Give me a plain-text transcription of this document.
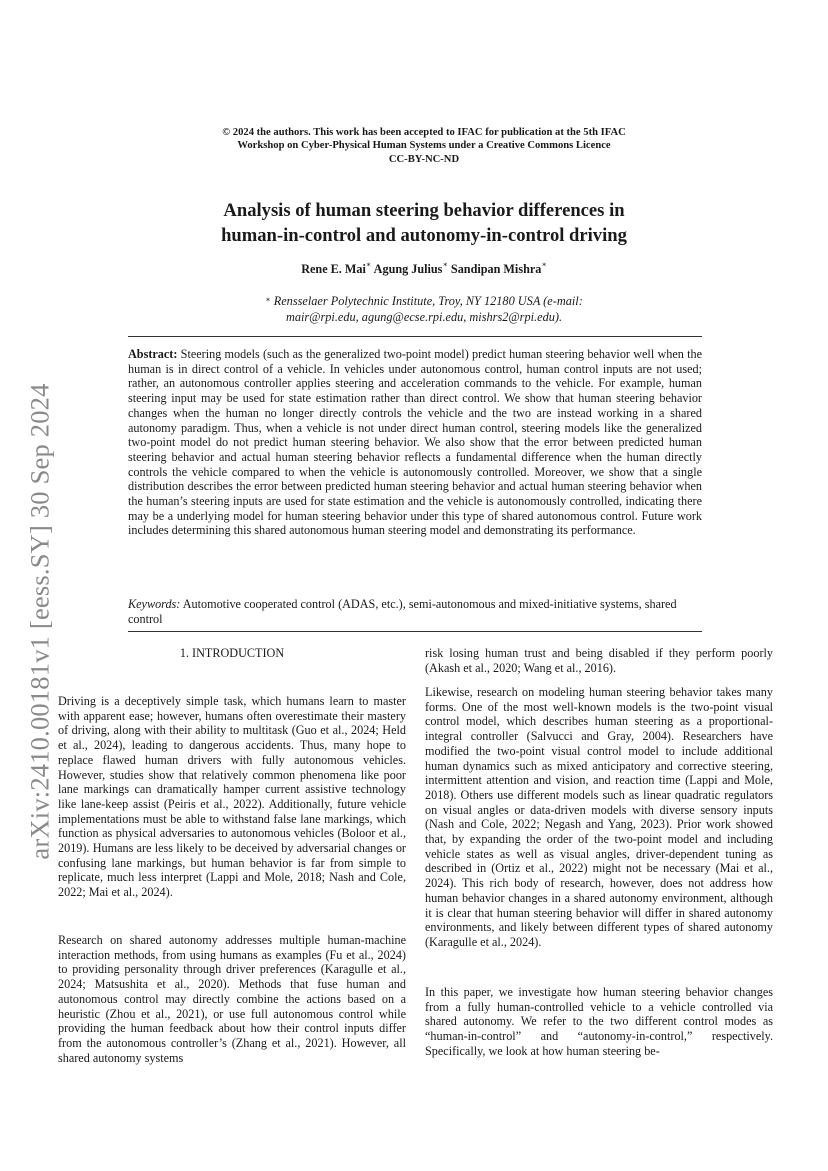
arXiv:2410.00181v1 [eess.SY] 30 Sep 2024
© 2024 the authors. This work has been accepted to IFAC for publication at the 5th IFAC
Workshop on Cyber-Physical Human Systems under a Creative Commons Licence
CC-BY-NC-ND
Analysis of human steering behavior differences in
human-in-control and autonomy-in-control driving
Rene E. Mai∗ Agung Julius∗ Sandipan Mishra∗
∗ Rensselaer Polytechnic Institute, Troy, NY 12180 USA (e-mail:
mair@rpi.edu, agung@ecse.rpi.edu, mishrs2@rpi.edu).
Abstract: Steering models (such as the generalized two-point model) predict human steering behavior well when the human is in direct control of a vehicle. In vehicles under autonomous control, human control inputs are not used; rather, an autonomous controller applies steering and acceleration commands to the vehicle. For example, human steering input may be used for state estimation rather than direct control. We show that human steering behavior changes when the human no longer directly controls the vehicle and the two are instead working in a shared autonomy paradigm. Thus, when a vehicle is not under direct human control, steering models like the generalized two-point model do not predict human steering behavior. We also show that the error between predicted human steering behavior and actual human steering behavior reflects a fundamental difference when the human directly controls the vehicle compared to when the vehicle is autonomously controlled. Moreover, we show that a single distribution describes the error between predicted human steering behavior and actual human steering behavior when the human’s steering inputs are used for state estimation and the vehicle is autonomously controlled, indicating there may be a underlying model for human steering behavior under this type of shared autonomous control. Future work includes determining this shared autonomous human steering model and demonstrating its performance.
Keywords: Automotive cooperated control (ADAS, etc.), semi-autonomous and mixed-initiative systems, shared control
1. INTRODUCTION

Driving is a deceptively simple task, which humans learn to master with apparent ease; however, humans often overestimate their mastery of driving, along with their ability to multitask (Guo et al., 2024; Held et al., 2024), leading to dangerous accidents. Thus, many hope to replace flawed human drivers with fully autonomous vehicles. However, studies show that relatively common phenomena like poor lane markings can dramatically hamper current assistive technology like lane-keep assist (Peiris et al., 2022). Additionally, future vehicle implementations must be able to withstand false lane markings, which function as physical adversaries to autonomous vehicles (Boloor et al., 2019). Humans are less likely to be deceived by adversarial changes or confusing lane markings, but human behavior is far from simple to replicate, much less interpret (Lappi and Mole, 2018; Nash and Cole, 2022; Mai et al., 2024).

Research on shared autonomy addresses multiple human-machine interaction methods, from using humans as examples (Fu et al., 2024) to providing personality through driver preferences (Karagulle et al., 2024; Matsushita et al., 2020). Methods that fuse human and autonomous control may directly combine the actions based on a heuristic (Zhou et al., 2021), or use full autonomous control while providing the human feedback about how their control inputs differ from the autonomous controller’s (Zhang et al., 2021). However, all shared autonomy systems

risk losing human trust and being disabled if they perform poorly (Akash et al., 2020; Wang et al., 2016).

Likewise, research on modeling human steering behavior takes many forms. One of the most well-known models is the two-point visual control model, which describes human steering as a proportional-integral controller (Salvucci and Gray, 2004). Researchers have modified the two-point visual control model to include additional human dynamics such as mixed anticipatory and corrective steering, intermittent attention and vision, and reaction time (Lappi and Mole, 2018). Others use different models such as linear quadratic regulators on visual angles or data-driven models with diverse sensory inputs (Nash and Cole, 2022; Negash and Yang, 2023). Prior work showed that, by expanding the order of the two-point model and including vehicle states as well as visual angles, driver-dependent tuning as described in (Ortiz et al., 2022) might not be necessary (Mai et al., 2024). This rich body of research, however, does not address how human behavior changes in a shared autonomy environment, although it is clear that human steering behavior will differ in shared autonomy environments, and likely between different types of shared autonomy (Karagulle et al., 2024).

In this paper, we investigate how human steering behavior changes from a fully human-controlled vehicle to a vehicle controlled via shared autonomy. We refer to the two different control modes as “human-in-control” and “autonomy-in-control,” respectively. Specifically, we look at how human steering be-
